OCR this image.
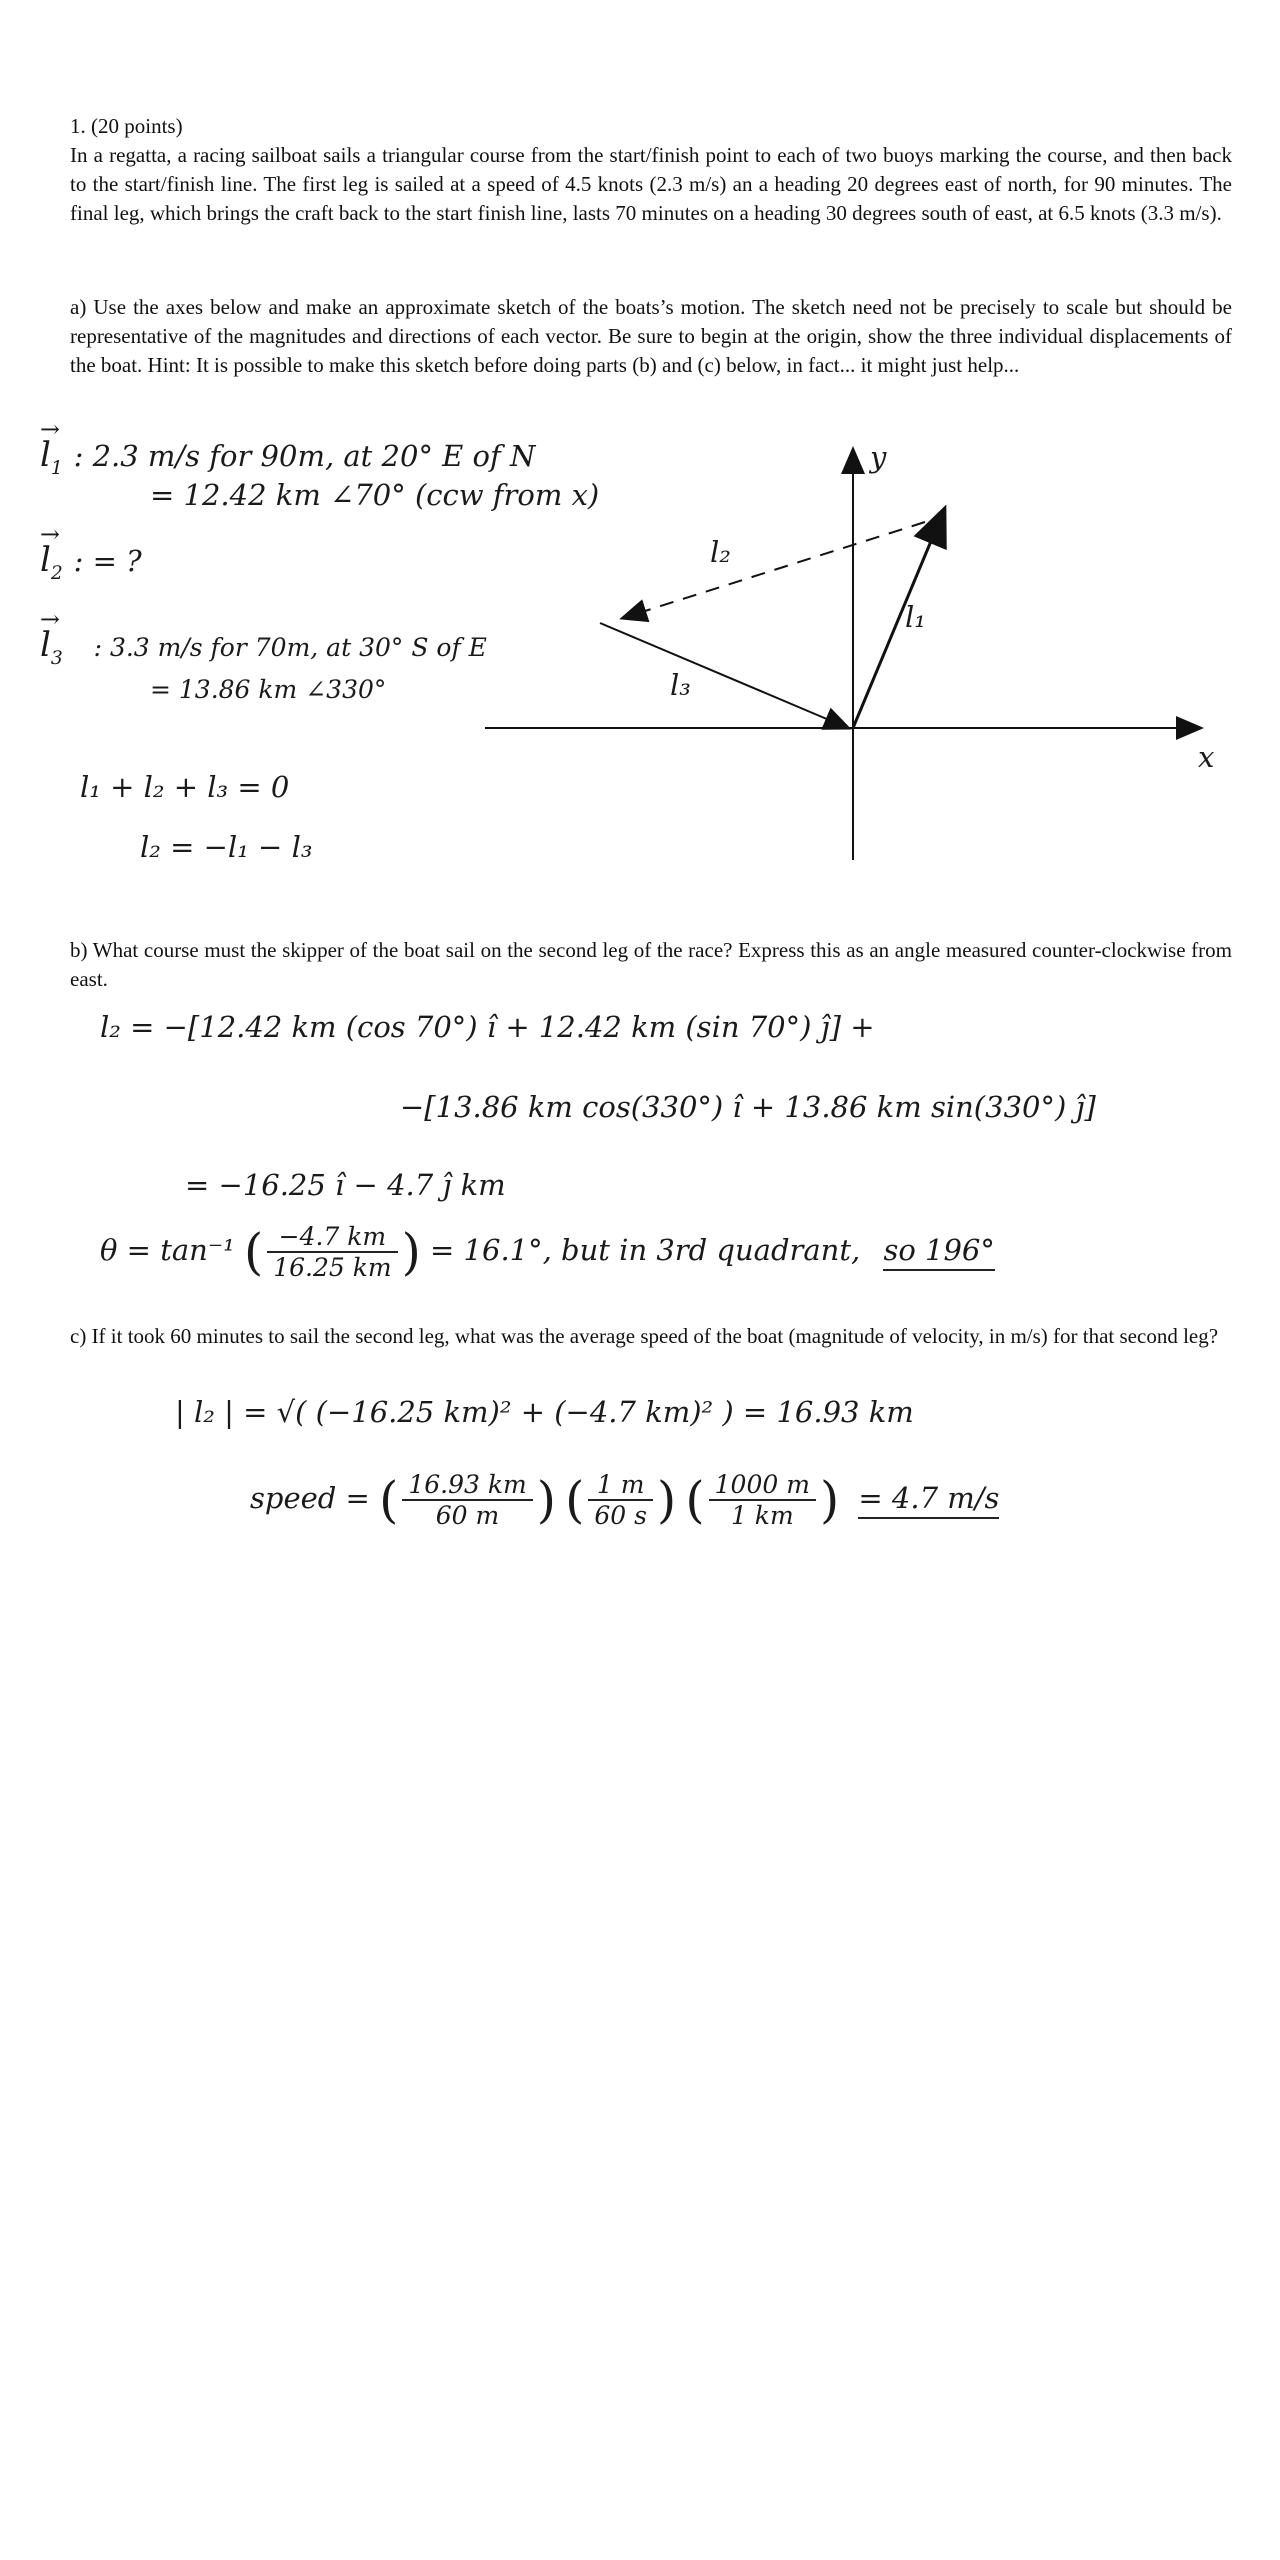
1. (20 points)
In a regatta, a racing sailboat sails a triangular course from the start/finish point to each of two buoys marking the course, and then back to the start/finish line. The first leg is sailed at a speed of 4.5 knots (2.3 m/s) an a heading 20 degrees east of north, for 90 minutes. The final leg, which brings the craft back to the start finish line, lasts 70 minutes on a heading 30 degrees south of east, at 6.5 knots (3.3 m/s).
a) Use the axes below and make an approximate sketch of the boats’s motion. The sketch need not be precisely to scale but should be representative of the magnitudes and directions of each vector. Be sure to begin at the origin, show the three individual displacements of the boat. Hint: It is possible to make this sketch before doing parts (b) and (c) below, in fact... it might just help...
→ $l_1$ : 2.3 m/s for 90m, at 20° E of N
= 12.42 km ∠70° (ccw from x)
→ $l_2$ : = ?
→ $l_3$ : 3.3 m/s for 70m, at 30° S of E
= 13.86 km ∠330°
l₁ + l₂ + l₃ = 0
l₂ = −l₁ − l₃
y
x
l₁
l₂
l₃
b) What course must the skipper of the boat sail on the second leg of the race? Express this as an angle measured counter-clockwise from east.
l₂ = −[12.42 km (cos 70°) î + 12.42 km (sin 70°) ĵ] +
−[13.86 km cos(330°) î + 13.86 km sin(330°) ĵ]
= −16.25 î − 4.7 ĵ km
θ = tan⁻¹ ( $\frac{-4.7 km}{16.25 km}$ ) = 16.1°, but in 3rd quadrant, so 196°
c) If it took 60 minutes to sail the second leg, what was the average speed of the boat (magnitude of velocity, in m/s) for that second leg?
| l₂ | = √( (−16.25 km)² + (−4.7 km)² ) = 16.93 km
speed = ( $\frac{16.93 km}{60 m}$ ) ( $\frac{1 m}{60 s}$ ) ( $\frac{1000 m}{1 km}$ ) = 4.7 m/s
